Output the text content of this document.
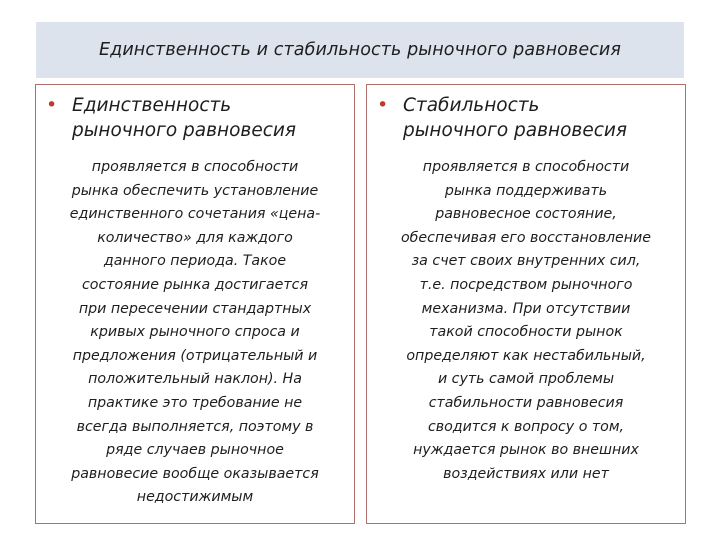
Единственность и стабильность рыночного равновесия
• Единственность
рыночного равновесия
проявляется в способности
рынка обеспечить установление
единственного сочетания «цена-
количество» для каждого
данного периода. Такое
состояние рынка достигается
при пересечении стандартных
кривых рыночного спроса и
предложения (отрицательный и
положительный наклон). На
практике это требование не
всегда выполняется, поэтому в
ряде случаев рыночное
равновесие вообще оказывается
недостижимым
• Стабильность
рыночного равновесия
проявляется в способности
рынка поддерживать
равновесное состояние,
обеспечивая его восстановление
за счет своих внутренних сил,
т.е. посредством рыночного
механизма. При отсутствии
такой способности рынок
определяют как нестабильный,
и суть самой проблемы
стабильности равновесия
сводится к вопросу о том,
нуждается рынок во внешних
воздействиях или нет
